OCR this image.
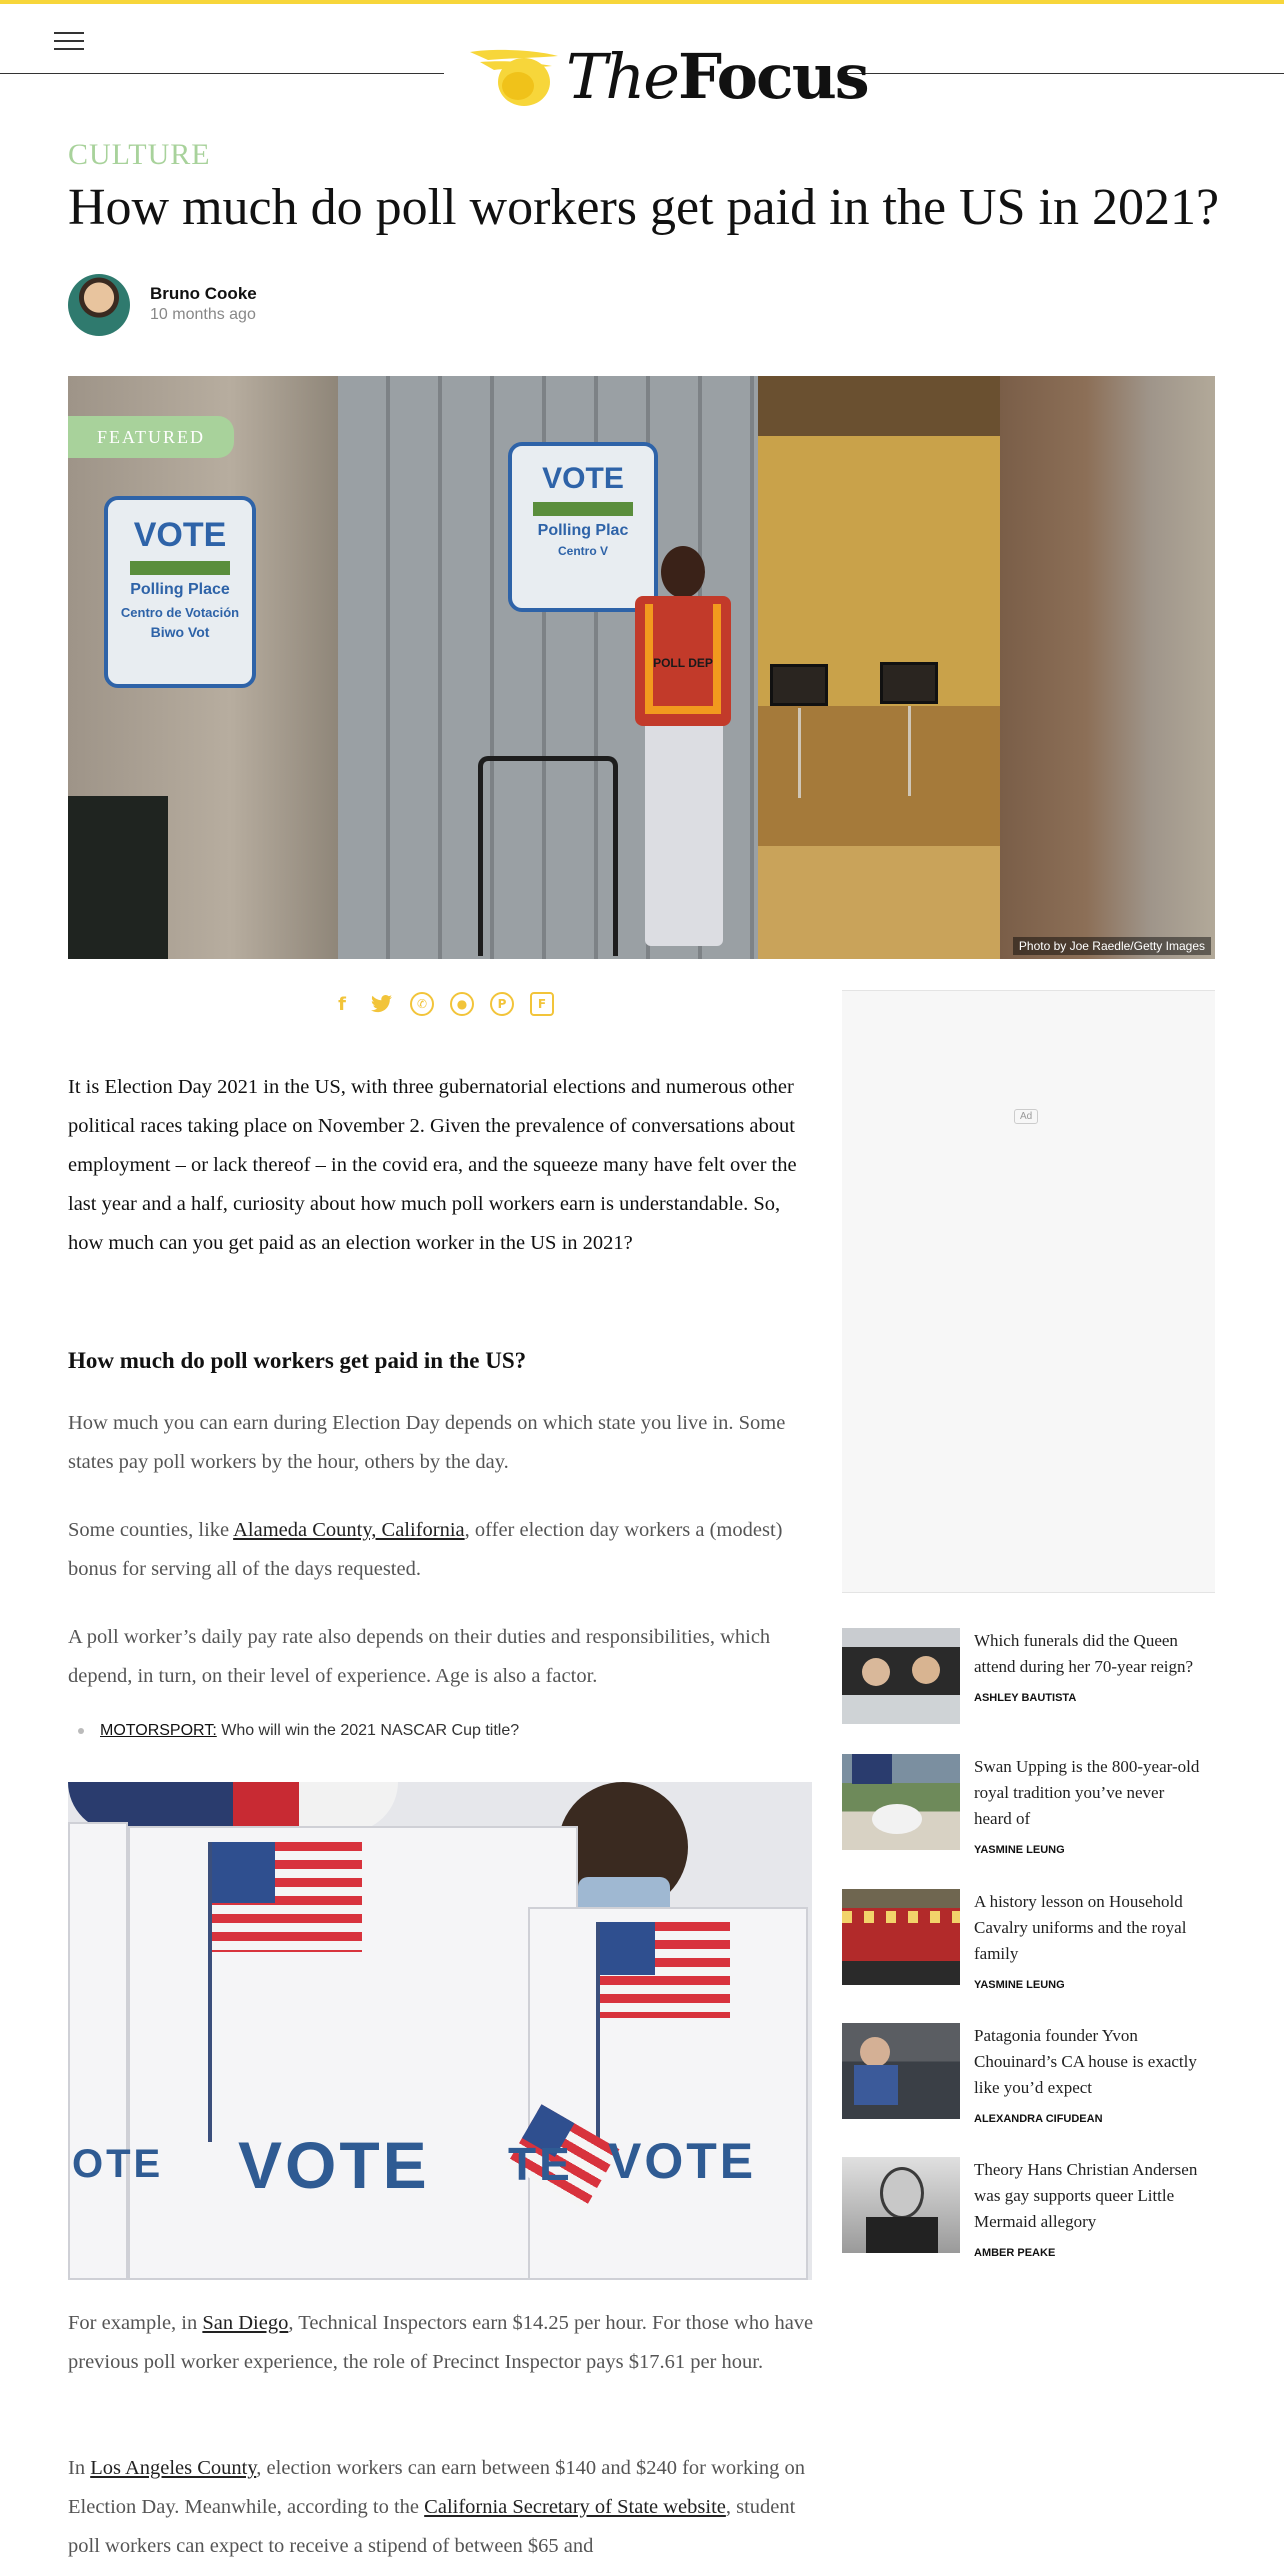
TheFocus
CULTURE
How much do poll workers get paid in the US in 2021?
Bruno Cooke
10 months ago
VOTE
Polling Place
Centro de Votación
Biwo Vot
VOTE
Polling Plac
Centro V
POLL DEP
FEATURED
Photo by Joe Raedle/Getty Images
f	✆	●	P	F
Ad

It is Election Day 2021 in the US, with three gubernatorial elections and numerous other political races taking place on November 2. Given the prevalence of conversations about employment – or lack thereof – in the covid era, and the squeeze many have felt over the last year and a half, curiosity about how much poll workers earn is understandable. So, how much can you get paid as an election worker in the US in 2021?

How much do poll workers get paid in the US?

How much you can earn during Election Day depends on which state you live in. Some states pay poll workers by the hour, others by the day.

Some counties, like Alameda County, California, offer election day workers a (modest) bonus for serving all of the days requested.

A poll worker’s daily pay rate also depends on their duties and responsibilities, which depend, in turn, on their level of experience. Age is also a factor.

MOTORSPORT: Who will win the 2021 NASCAR Cup title?
OTE VOTE TE VOTE

For example, in San Diego, Technical Inspectors earn $14.25 per hour. For those who have previous poll worker experience, the role of Precinct Inspector pays $17.61 per hour.

In Los Angeles County, election workers can earn between $140 and $240 for working on Election Day. Meanwhile, according to the California Secretary of State website, student poll workers can expect to receive a stipend of between $65 and

Which funerals did the Queen attend during her 70-year reign?
ASHLEY BAUTISTA
Swan Upping is the 800-year-old royal tradition you’ve never heard of
YASMINE LEUNG
A history lesson on Household Cavalry uniforms and the royal family
YASMINE LEUNG
Patagonia founder Yvon Chouinard’s CA house is exactly like you’d expect
ALEXANDRA CIFUDEAN
Theory Hans Christian Andersen was gay supports queer Little Mermaid allegory
AMBER PEAKE
